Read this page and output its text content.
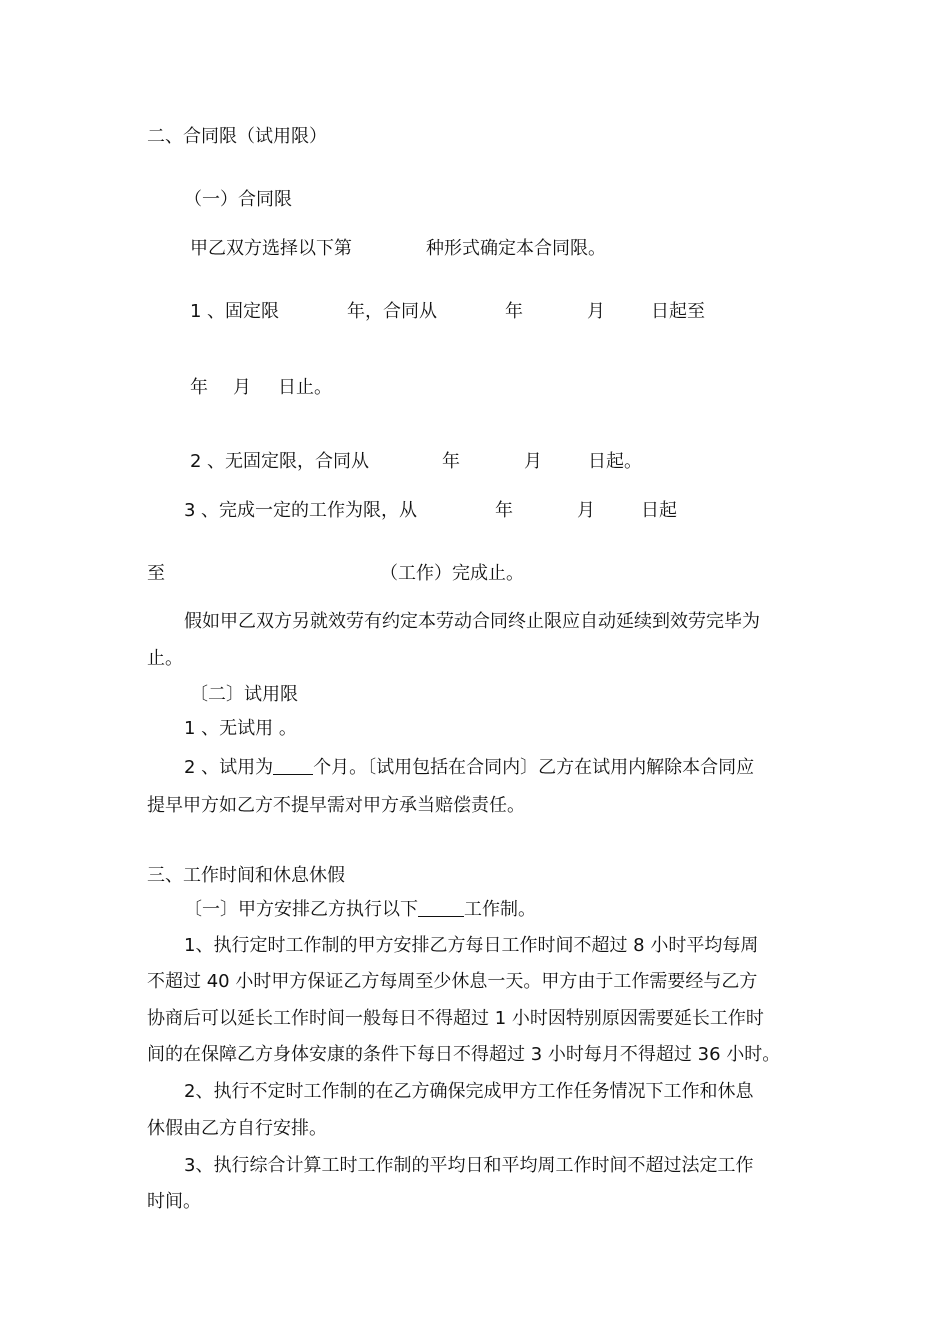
二、合同限（试用限）
（一）合同限
甲乙双方选择以下第	种形式确定本合同限。
1 、固定限	年，合同从	年	月	日起至
年 月 日止。
2 、无固定限，合同从	年	月	日起。
3 、完成一定的工作为限，从	年	月	日起
至	（工作）完成止。
假如甲乙双方另就效劳有约定本劳动合同终止限应自动延续到效劳完毕为
止。
〔二〕试用限
1 、无试用 。
2 、试用为 个月。〔试用包括在合同内〕乙方在试用内解除本合同应
提早甲方如乙方不提早需对甲方承当赔偿责任。
三、工作时间和休息休假
〔一〕甲方安排乙方执行以下	工作制。
1、执行定时工作制的甲方安排乙方每日工作时间不超过 8 小时平均每周
不超过 40 小时甲方保证乙方每周至少休息一天。甲方由于工作需要经与乙方
协商后可以延长工作时间一般每日不得超过 1 小时因特别原因需要延长工作时
间的在保障乙方身体安康的条件下每日不得超过 3 小时每月不得超过 36 小时。
2、执行不定时工作制的在乙方确保完成甲方工作任务情况下工作和休息
休假由乙方自行安排。
3、执行综合计算工时工作制的平均日和平均周工作时间不超过法定工作
时间。
